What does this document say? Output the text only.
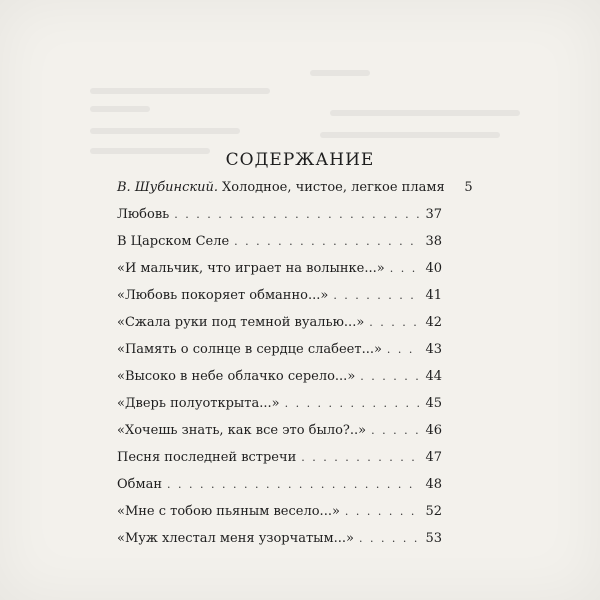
СОДЕРЖАНИЕ
В. Шубинский. Холодное, чистое, легкое пламя	5
Любовь . . .	37
В Царском Селе . . .	38
«И мальчик, что играет на волынке...» . . .	40
«Любовь покоряет обманно...» . . .	41
«Сжала руки под темной вуалью...» . . .	42
«Память о солнце в сердце слабеет...» . . .	43
«Высоко в небе облачко серело...» . . .	44
«Дверь полуоткрыта...» . . .	45
«Хочешь знать, как все это было?..» . . .	46
Песня последней встречи . . .	47
Обман . . .	48
«Мне с тобою пьяным весело...» . . .	52
«Муж хлестал меня узорчатым...» . . .	53
